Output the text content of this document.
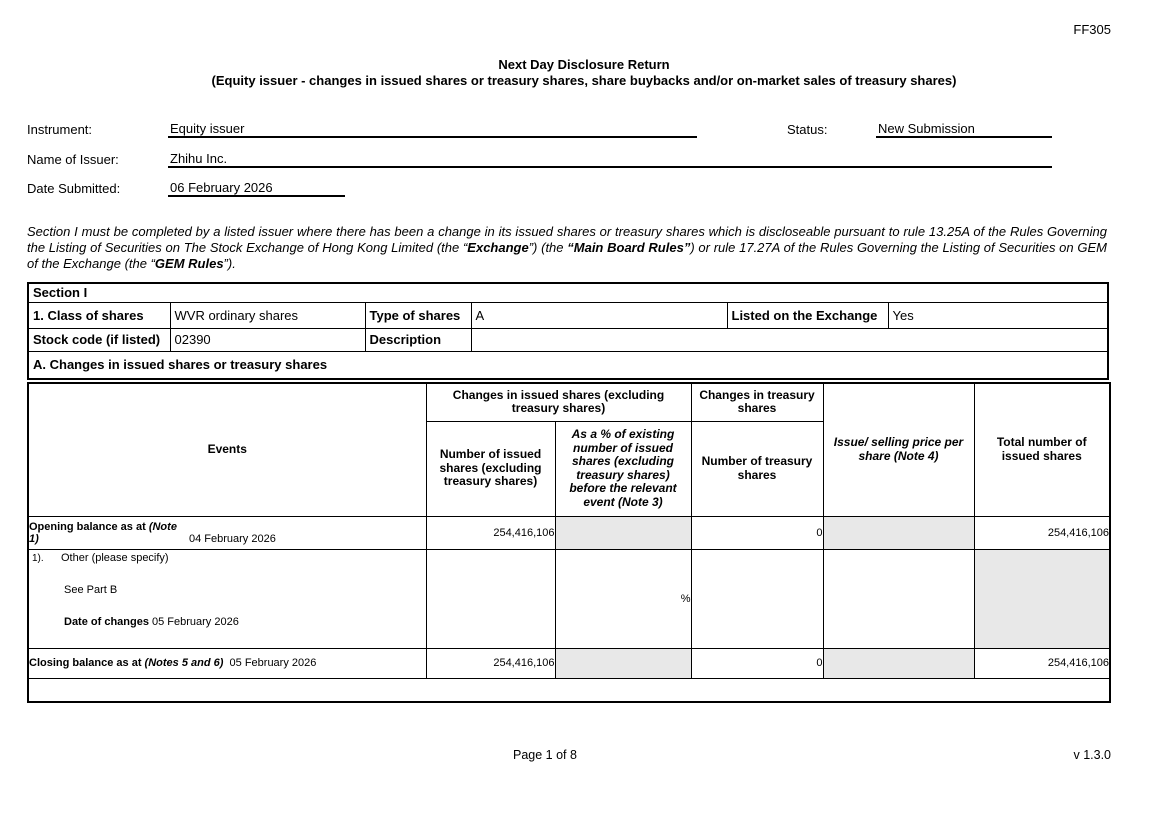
FF305
Next Day Disclosure Return
(Equity issuer - changes in issued shares or treasury shares, share buybacks and/or on-market sales of treasury shares)
Instrument:	Equity issuer	Status:	New Submission
Name of Issuer:	Zhihu Inc.
Date Submitted:	06 February 2026
Section I must be completed by a listed issuer where there has been a change in its issued shares or treasury shares which is discloseable pursuant to rule 13.25A of the Rules Governing the Listing of Securities on The Stock Exchange of Hong Kong Limited (the “Exchange”) (the “Main Board Rules”) or rule 17.27A of the Rules Governing the Listing of Securities on GEM of the Exchange (the “GEM Rules”).
Section I					
1. Class of shares	WVR ordinary shares	Type of shares	A	Listed on the Exchange	Yes
Stock code (if listed)	02390	Description			
A. Changes in issued shares or treasury shares					
Events	Changes in issued shares (excluding treasury shares)		Changes in treasury shares	Issue/ selling price per share (Note 4)	Total number of issued shares
	Number of issued shares (excluding treasury shares)	As a % of existing number of issued shares (excluding treasury shares) before the relevant event (Note 3)	Number of treasury shares		
Opening balance as at (Note 1) 04 February 2026	254,416,106		0		254,416,106

1). Other (please specify)
See Part B
Date of changes 05 February 2026		%			
Closing balance as at (Notes 5 and 6) 05 February 2026	254,416,106		0		254,416,106

Page 1 of 8	v 1.3.0
